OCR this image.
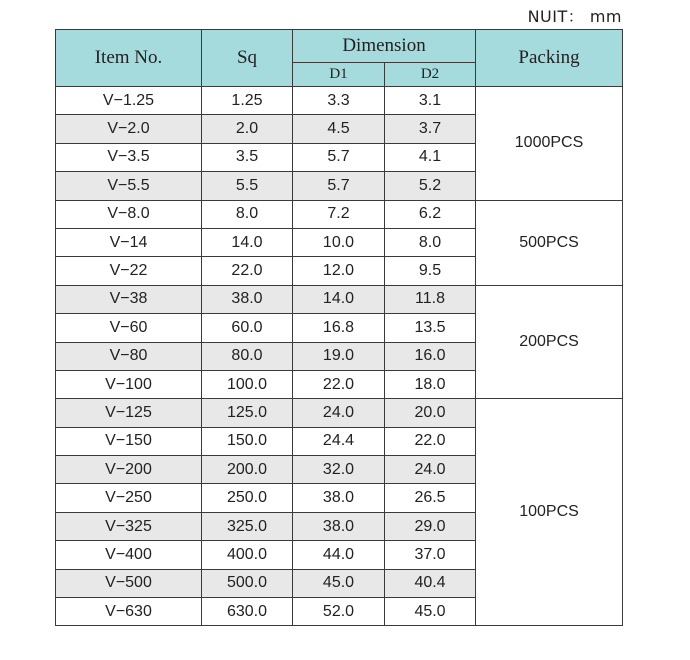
NUIT： mm
Item No.	Sq	Dimension		Packing
		D1	D2	
V−1.25	1.25	3.3	3.1	1000PCS
V−2.0	2.0	4.5	3.7	
V−3.5	3.5	5.7	4.1	
V−5.5	5.5	5.7	5.2	
V−8.0	8.0	7.2	6.2	500PCS
V−14	14.0	10.0	8.0	
V−22	22.0	12.0	9.5	
V−38	38.0	14.0	11.8	200PCS
V−60	60.0	16.8	13.5	
V−80	80.0	19.0	16.0	
V−100	100.0	22.0	18.0	
V−125	125.0	24.0	20.0	100PCS
V−150	150.0	24.4	22.0	
V−200	200.0	32.0	24.0	
V−250	250.0	38.0	26.5	
V−325	325.0	38.0	29.0	
V−400	400.0	44.0	37.0	
V−500	500.0	45.0	40.4	
V−630	630.0	52.0	45.0	
